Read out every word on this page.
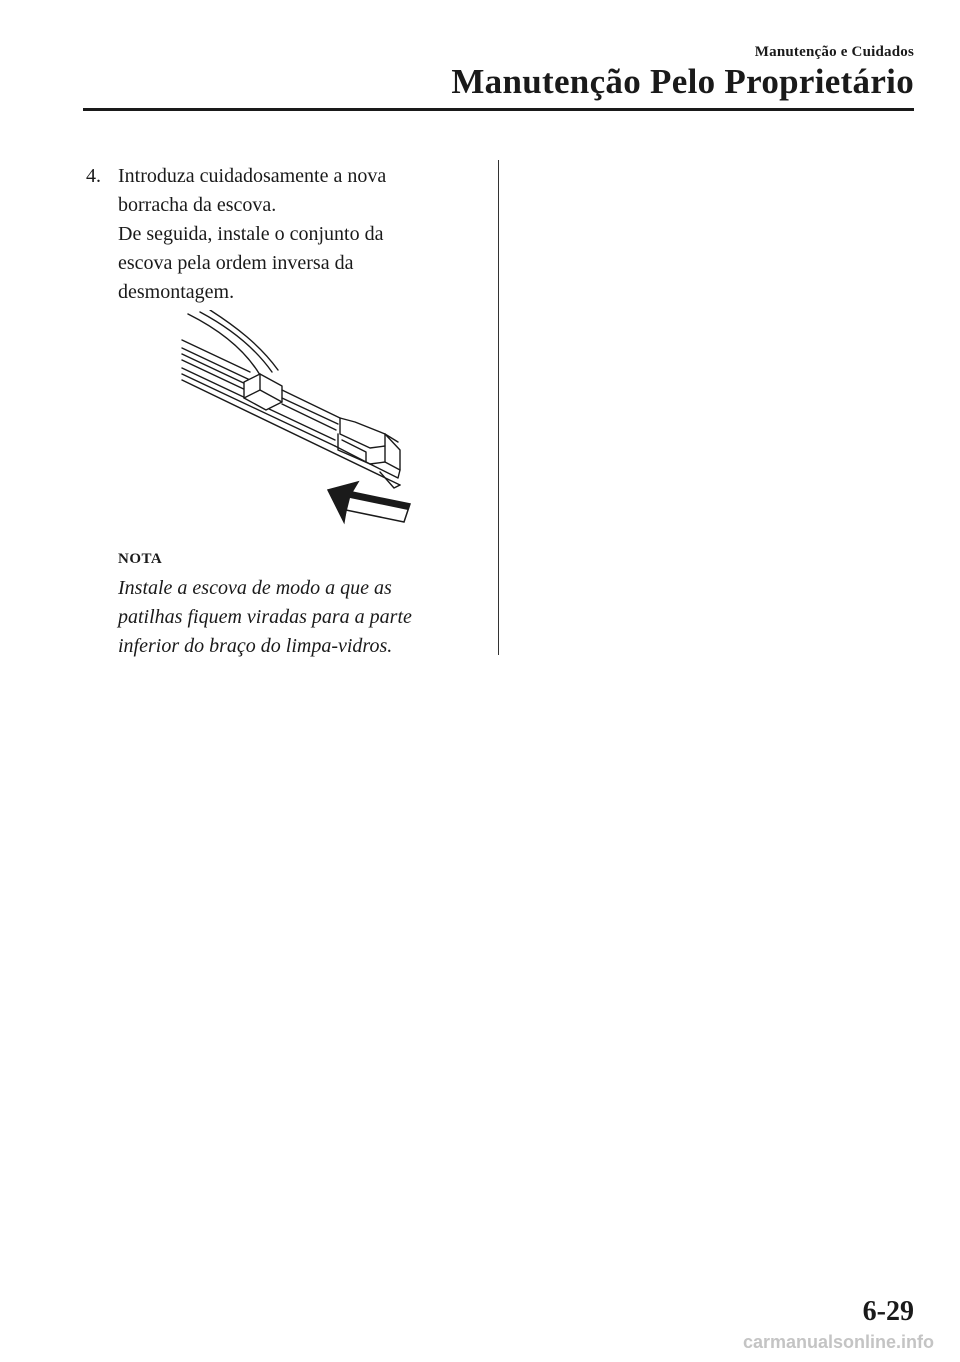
Manutenção e Cuidados
Manutenção Pelo Proprietário
4. Introduza cuidadosamente a nova
borracha da escova.
De seguida, instale o conjunto da
escova pela ordem inversa da
desmontagem.
NOTA
Instale a escova de modo a que as
patilhas fiquem viradas para a parte
inferior do braço do limpa-vidros.
6-29
carmanualsonline.info
